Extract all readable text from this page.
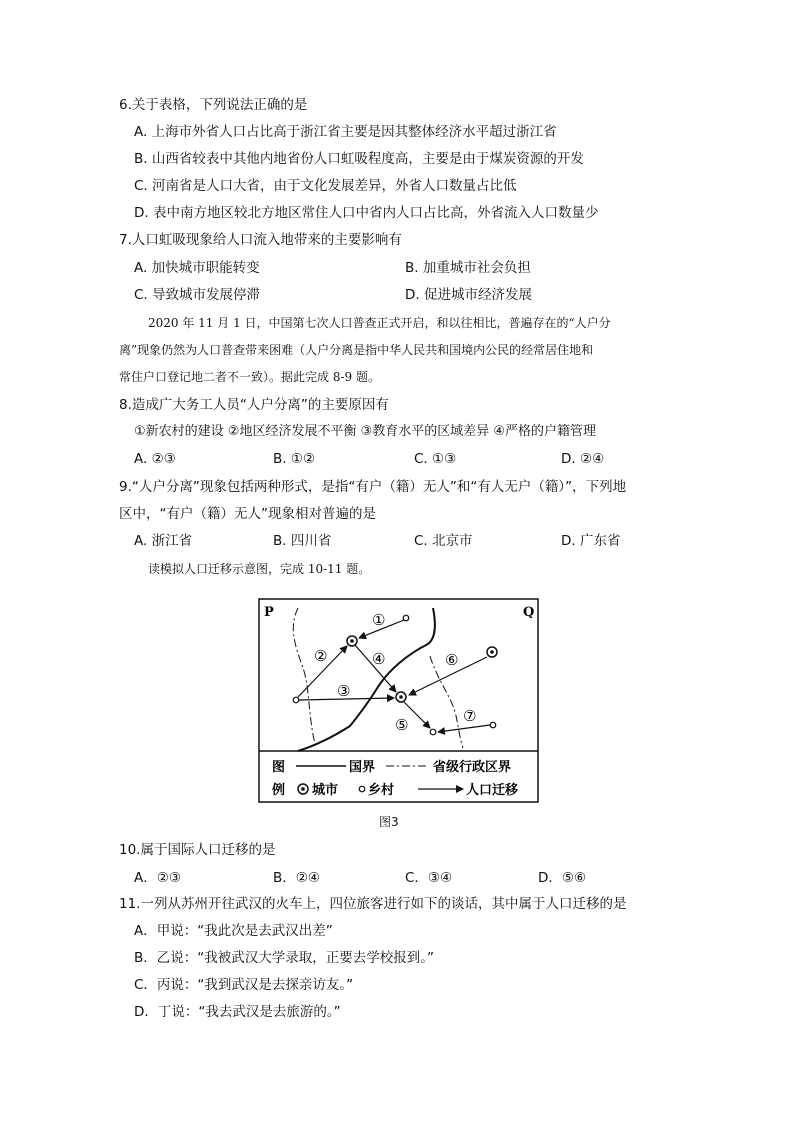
6.关于表格，下列说法正确的是
A. 上海市外省人口占比高于浙江省主要是因其整体经济水平超过浙江省
B. 山西省较表中其他内地省份人口虹吸程度高，主要是由于煤炭资源的开发
C. 河南省是人口大省，由于文化发展差异，外省人口数量占比低
D. 表中南方地区较北方地区常住人口中省内人口占比高，外省流入人口数量少
7.人口虹吸现象给人口流入地带来的主要影响有
A. 加快城市职能转变	B. 加重城市社会负担
C. 导致城市发展停滞	D. 促进城市经济发展
2020 年 11 月 1 日，中国第七次人口普查正式开启，和以往相比，普遍存在的“人户分
离”现象仍然为人口普查带来困难（人户分离是指中华人民共和国境内公民的经常居住地和
常住户口登记地二者不一致）。据此完成 8-9 题。
8.造成广大务工人员“人户分离”的主要原因有
①新农村的建设 ②地区经济发展不平衡 ③教育水平的区域差异 ④严格的户籍管理
A. ②③	B. ①②	C. ①③	D. ②④
9.“人户分离”现象包括两种形式，是指“有户（籍）无人”和“有人无户（籍）”，下列地
区中，“有户（籍）无人”现象相对普遍的是
A. 浙江省	B. 四川省	C. 北京市	D. 广东省
读模拟人口迁移示意图，完成 10-11 题。
P	Q
①
②
③
④
⑤
⑥
⑦
图
例
国界	省级行政区界
城市 乡村	人口迁移
图3
10.属于国际人口迁移的是
A．②③	B．②④	C．③④	D．⑤⑥
11.一列从苏州开往武汉的火车上，四位旅客进行如下的谈话，其中属于人口迁移的是
A．甲说：“我此次是去武汉出差”
B．乙说：“我被武汉大学录取，正要去学校报到。”
C．丙说：“我到武汉是去探亲访友。”
D．丁说：“我去武汉是去旅游的。”
